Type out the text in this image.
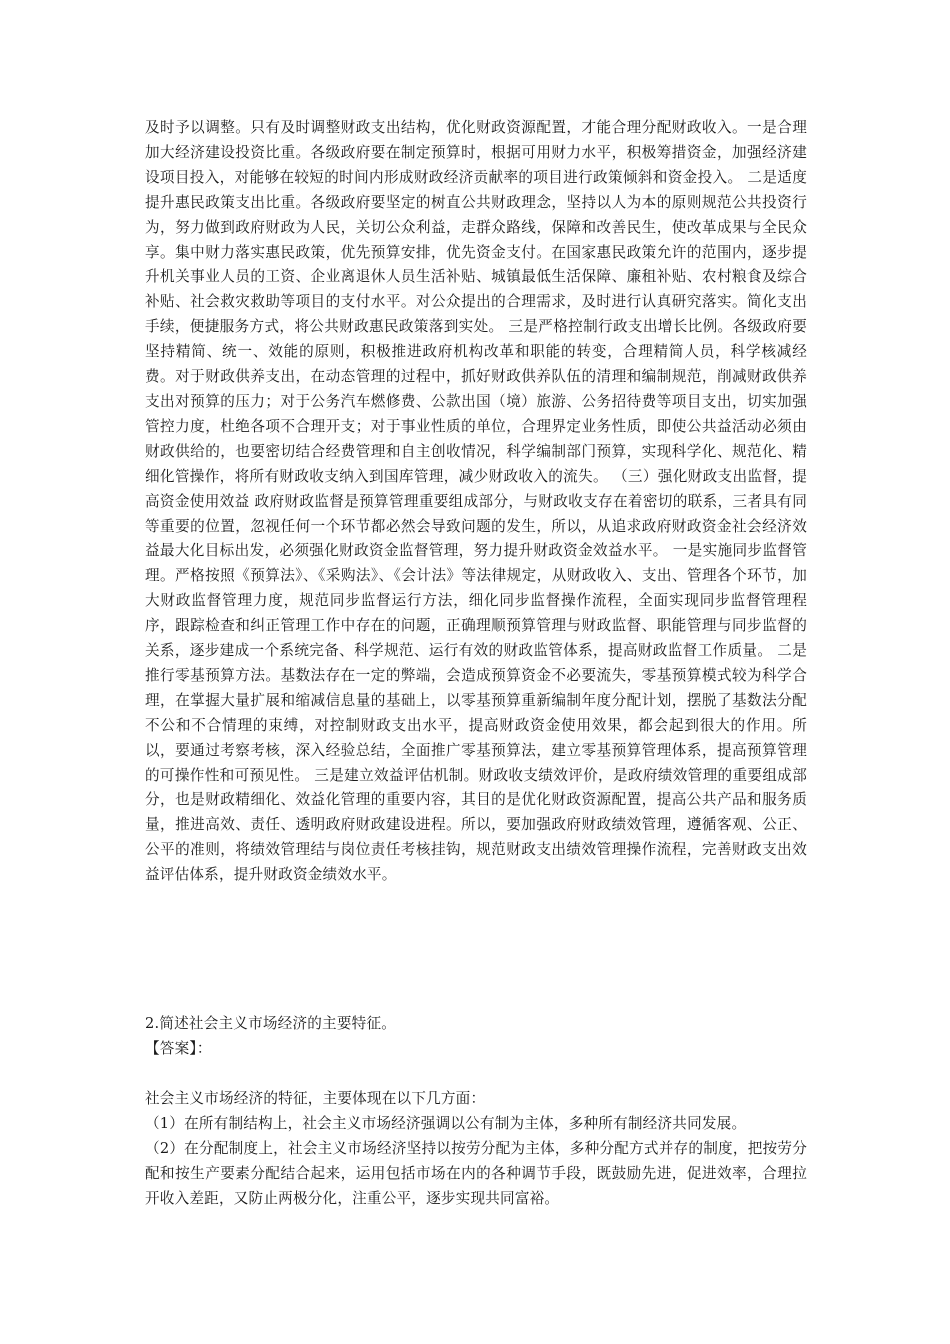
及时予以调整。只有及时调整财政支出结构，优化财政资源配置，才能合理分配财政收入。一是合理加大经济建设投资比重。各级政府要在制定预算时，根据可用财力水平，积极筹措资金，加强经济建设项目投入，对能够在较短的时间内形成财政经济贡献率的项目进行政策倾斜和资金投入。 二是适度提升惠民政策支出比重。各级政府要坚定的树直公共财政理念，坚持以人为本的原则规范公共投资行为，努力做到政府财政为人民，关切公众利益，走群众路线，保障和改善民生，使改革成果与全民众享。集中财力落实惠民政策，优先预算安排，优先资金支付。在国家惠民政策允许的范围内，逐步提升机关事业人员的工资、企业离退休人员生活补贴、城镇最低生活保障、廉租补贴、农村粮食及综合补贴、社会救灾救助等项目的支付水平。对公众提出的合理需求，及时进行认真研究落实。简化支出手续，便捷服务方式，将公共财政惠民政策落到实处。 三是严格控制行政支出增长比例。各级政府要坚持精简、统一、效能的原则，积极推进政府机构改革和职能的转变，合理精简人员，科学核减经费。对于财政供养支出，在动态管理的过程中，抓好财政供养队伍的清理和编制规范，削减财政供养支出对预算的压力；对于公务汽车燃修费、公款出国（境）旅游、公务招待费等项目支出，切实加强管控力度，杜绝各项不合理开支；对于事业性质的单位，合理界定业务性质，即使公共益活动必须由财政供给的，也要密切结合经费管理和自主创收情况，科学编制部门预算，实现科学化、规范化、精细化管操作，将所有财政收支纳入到国库管理，减少财政收入的流失。 （三）强化财政支出监督，提高资金使用效益 政府财政监督是预算管理重要组成部分，与财政收支存在着密切的联系，三者具有同等重要的位置，忽视任何一个环节都必然会导致问题的发生，所以，从追求政府财政资金社会经济效益最大化目标出发，必须强化财政资金监督管理，努力提升财政资金效益水平。 一是实施同步监督管理。严格按照《预算法》、《采购法》、《会计法》等法律规定，从财政收入、支出、管理各个环节，加大财政监督管理力度，规范同步监督运行方法，细化同步监督操作流程，全面实现同步监督管理程序，跟踪检查和纠正管理工作中存在的问题，正确理顺预算管理与财政监督、职能管理与同步监督的关系，逐步建成一个系统完备、科学规范、运行有效的财政监管体系，提高财政监督工作质量。 二是推行零基预算方法。基数法存在一定的弊端，会造成预算资金不必要流失，零基预算模式较为科学合理，在掌握大量扩展和缩减信息量的基础上，以零基预算重新编制年度分配计划，摆脱了基数法分配不公和不合情理的束缚，对控制财政支出水平，提高财政资金使用效果，都会起到很大的作用。所以，要通过考察考核，深入经验总结，全面推广零基预算法，建立零基预算管理体系，提高预算管理的可操作性和可预见性。 三是建立效益评估机制。财政收支绩效评价，是政府绩效管理的重要组成部分，也是财政精细化、效益化管理的重要内容，其目的是优化财政资源配置，提高公共产品和服务质量，推进高效、责任、透明政府财政建设进程。所以，要加强政府财政绩效管理，遵循客观、公正、公平的准则，将绩效管理结与岗位责任考核挂钩，规范财政支出绩效管理操作流程，完善财政支出效益评估体系，提升财政资金绩效水平。
2.简述社会主义市场经济的主要特征。
【答案】：
社会主义市场经济的特征，主要体现在以下几方面：
（1）在所有制结构上，社会主义市场经济强调以公有制为主体，多种所有制经济共同发展。
（2）在分配制度上，社会主义市场经济坚持以按劳分配为主体，多种分配方式并存的制度，把按劳分配和按生产要素分配结合起来，运用包括市场在内的各种调节手段，既鼓励先进，促进效率，合理拉开收入差距，又防止两极分化，注重公平，逐步实现共同富裕。
